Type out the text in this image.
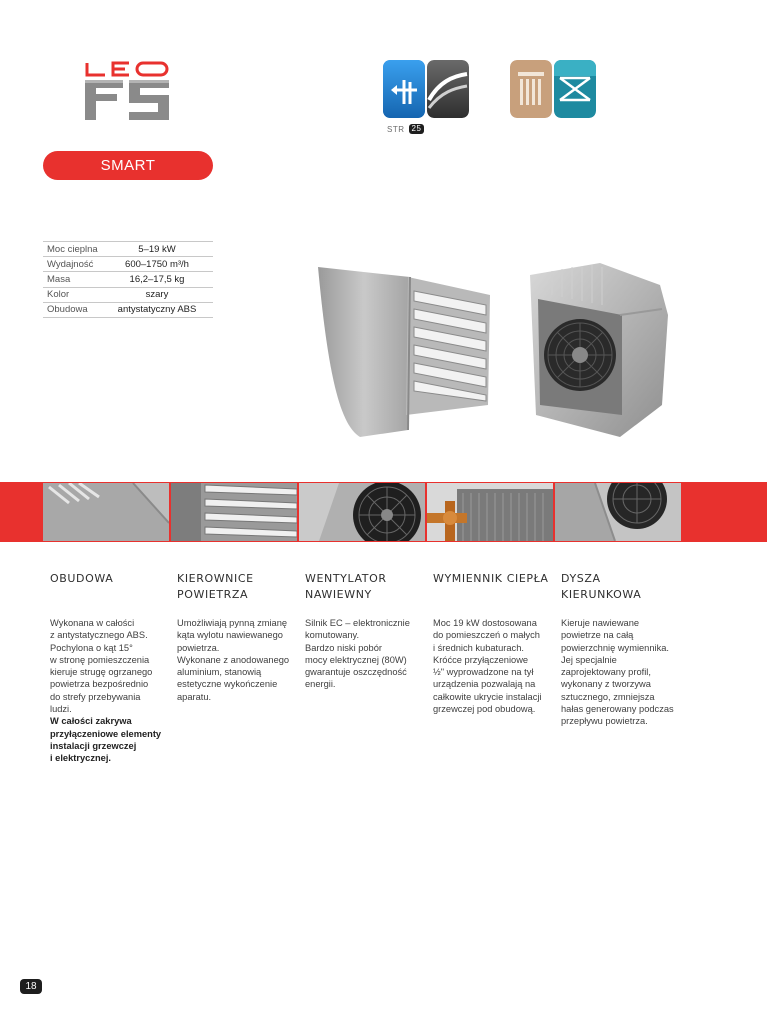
STR 25
SMART
Moc cieplna	5–19 kW
Wydajność	600–1750 m³/h
Masa	16,2–17,5 kg
Kolor	szary
Obudowa	antystatyczny ABS
OBUDOWA

Wykonana w całości
z antystatycznego ABS.
Pochylona o kąt 15°
w stronę pomieszczenia
kieruje strugę ogrzanego
powietrza bezpośrednio
do strefy przebywania
ludzi.

W całości zakrywa
przyłączeniowe elementy
instalacji grzewczej
i elektrycznej.

KIEROWNICE POWIETRZA

Umożliwiają pynną zmianę
kąta wylotu nawiewanego
powietrza.
Wykonane z anodowanego
aluminium, stanowią
estetyczne wykończenie
aparatu.

WENTYLATOR NAWIEWNY

Silnik EC – elektronicznie
komutowany.
Bardzo niski pobór
mocy elektrycznej (80W)
gwarantuje oszczędność
energii.

WYMIENNIK CIEPŁA

Moc 19 kW dostosowana
do pomieszczeń o małych
i średnich kubaturach.
Króćce przyłączeniowe
½" wyprowadzone na tył
urządzenia pozwalają na
całkowite ukrycie instalacji
grzewczej pod obudową.

DYSZA KIERUNKOWA

Kieruje nawiewane
powietrze na całą
powierzchnię wymiennika.
Jej specjalnie
zaprojektowany profil,
wykonany z tworzywa
sztucznego, zmniejsza
hałas generowany podczas
przepływu powietrza.

18
